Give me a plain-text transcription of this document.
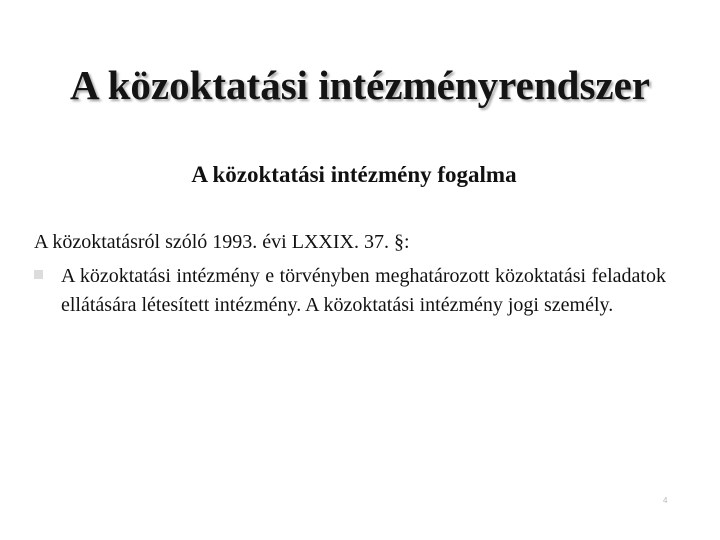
A közoktatási intézményrendszer
A közoktatási intézmény fogalma
A közoktatásról szóló 1993. évi LXXIX. 37. §:
A közoktatási intézmény e törvényben meghatározott közoktatási feladatok ellátására létesített intézmény. A közoktatási intézmény jogi személy.
4
